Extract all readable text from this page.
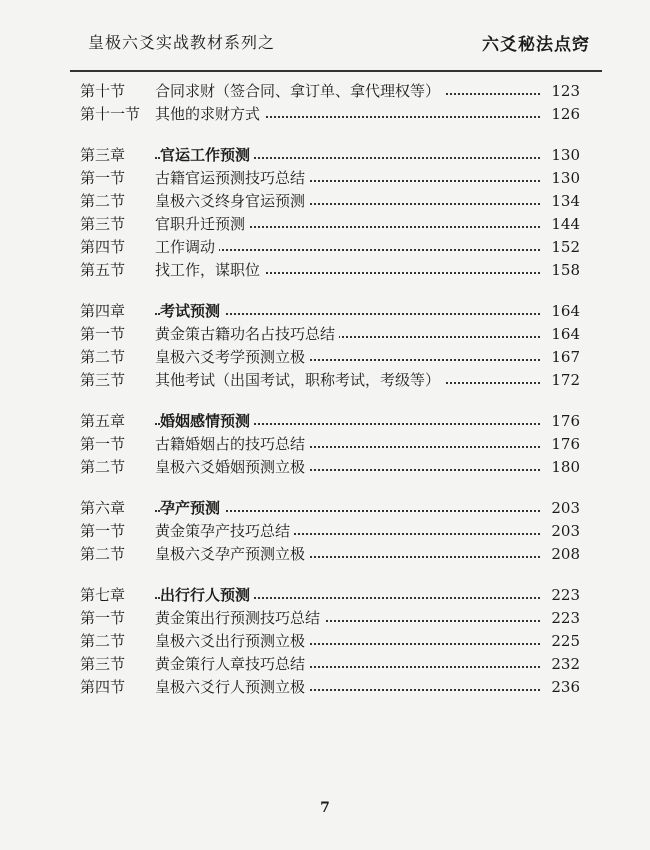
皇极六爻实战教材系列之	六爻秘法点窍
第十节 合同求财（签合同、拿订单、拿代理权等）	123
第十一节 其他的求财方式	126
第三章 官运工作预测	130
第一节 古籍官运预测技巧总结	130
第二节 皇极六爻终身官运预测	134
第三节 官职升迁预测	144
第四节 工作调动	152
第五节 找工作，谋职位	158
第四章 考试预测	164
第一节 黄金策古籍功名占技巧总结	164
第二节 皇极六爻考学预测立极	167
第三节 其他考试（出国考试，职称考试，考级等）	172
第五章 婚姻感情预测	176
第一节 古籍婚姻占的技巧总结	176
第二节 皇极六爻婚姻预测立极	180
第六章 孕产预测	203
第一节 黄金策孕产技巧总结	203
第二节 皇极六爻孕产预测立极	208
第七章 出行行人预测	223
第一节 黄金策出行预测技巧总结	223
第二节 皇极六爻出行预测立极	225
第三节 黄金策行人章技巧总结	232
第四节 皇极六爻行人预测立极	236
7
